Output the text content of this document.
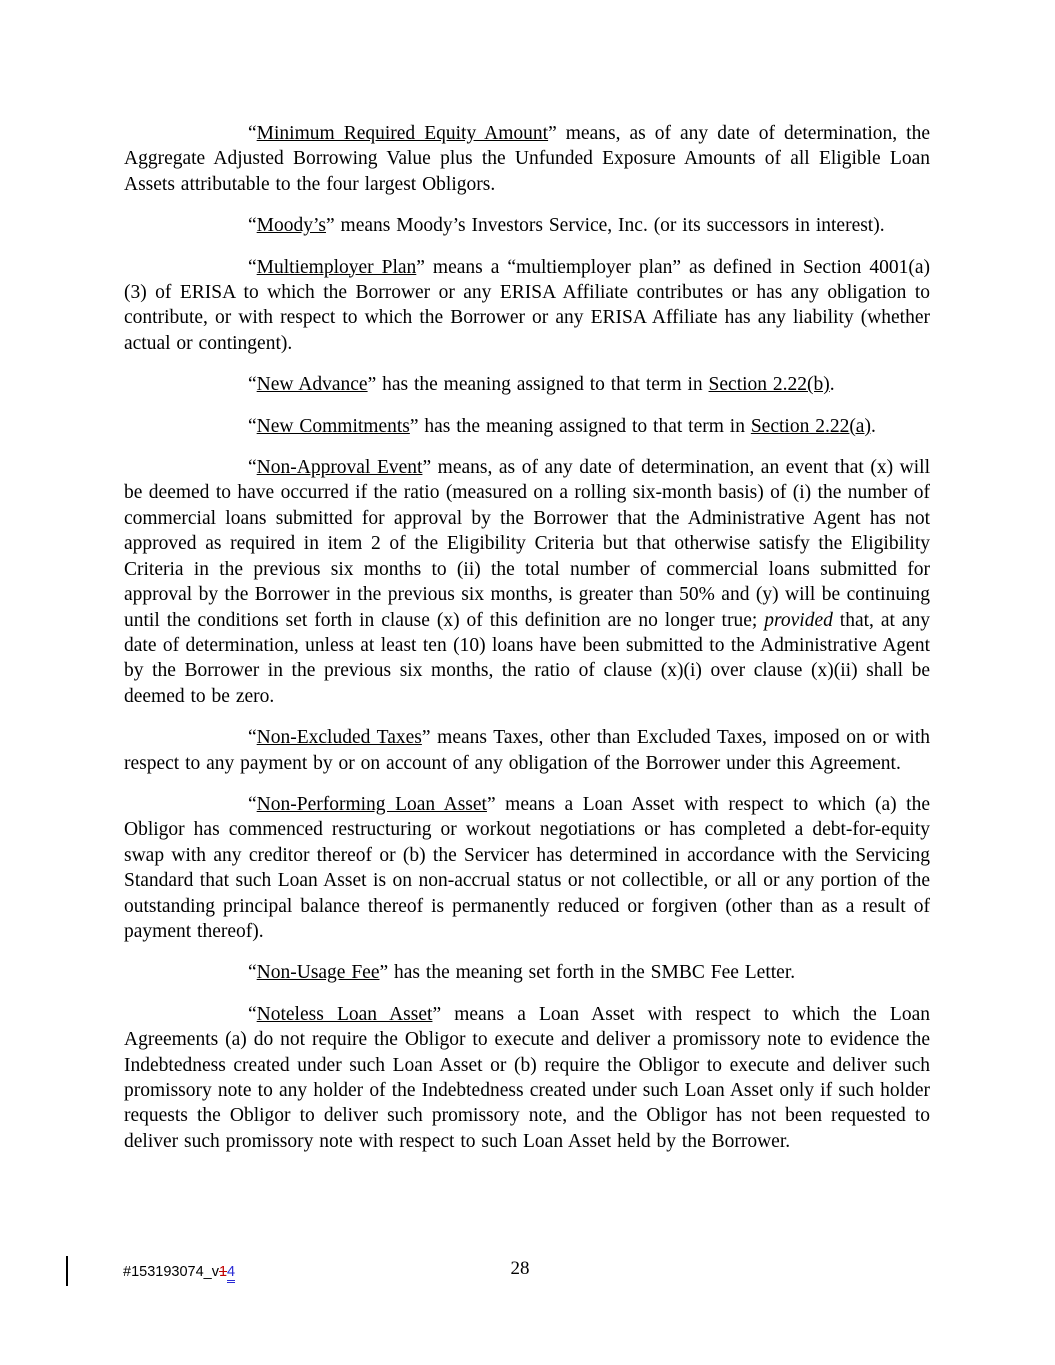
“Minimum Required Equity Amount” means, as of any date of determination, the Aggregate Adjusted Borrowing Value plus the Unfunded Exposure Amounts of all Eligible Loan Assets attributable to the four largest Obligors.

“Moody’s” means Moody’s Investors Service, Inc. (or its successors in interest).

“Multiemployer Plan” means a “multiemployer plan” as defined in Section 4001(a)(3) of ERISA to which the Borrower or any ERISA Affiliate contributes or has any obligation to contribute, or with respect to which the Borrower or any ERISA Affiliate has any liability (whether actual or contingent).

“New Advance” has the meaning assigned to that term in Section 2.22(b).

“New Commitments” has the meaning assigned to that term in Section 2.22(a).

“Non-Approval Event” means, as of any date of determination, an event that (x) will be deemed to have occurred if the ratio (measured on a rolling six-month basis) of (i) the number of commercial loans submitted for approval by the Borrower that the Administrative Agent has not approved as required in item 2 of the Eligibility Criteria but that otherwise satisfy the Eligibility Criteria in the previous six months to (ii) the total number of commercial loans submitted for approval by the Borrower in the previous six months, is greater than 50% and (y) will be continuing until the conditions set forth in clause (x) of this definition are no longer true; provided that, at any date of determination, unless at least ten (10) loans have been submitted to the Administrative Agent by the Borrower in the previous six months, the ratio of clause (x)(i) over clause (x)(ii) shall be deemed to be zero.

“Non-Excluded Taxes” means Taxes, other than Excluded Taxes, imposed on or with respect to any payment by or on account of any obligation of the Borrower under this Agreement.

“Non-Performing Loan Asset” means a Loan Asset with respect to which (a) the Obligor has commenced restructuring or workout negotiations or has completed a debt-for-equity swap with any creditor thereof or (b) the Servicer has determined in accordance with the Servicing Standard that such Loan Asset is on non-accrual status or not collectible, or all or any portion of the outstanding principal balance thereof is permanently reduced or forgiven (other than as a result of payment thereof).

“Non-Usage Fee” has the meaning set forth in the SMBC Fee Letter.

“Noteless Loan Asset” means a Loan Asset with respect to which the Loan Agreements (a) do not require the Obligor to execute and deliver a promissory note to evidence the Indebtedness created under such Loan Asset or (b) require the Obligor to execute and deliver such promissory note to any holder of the Indebtedness created under such Loan Asset only if such holder requests the Obligor to deliver such promissory note, and the Obligor has not been requested to deliver such promissory note with respect to such Loan Asset held by the Borrower.

#153193074_v14	28
